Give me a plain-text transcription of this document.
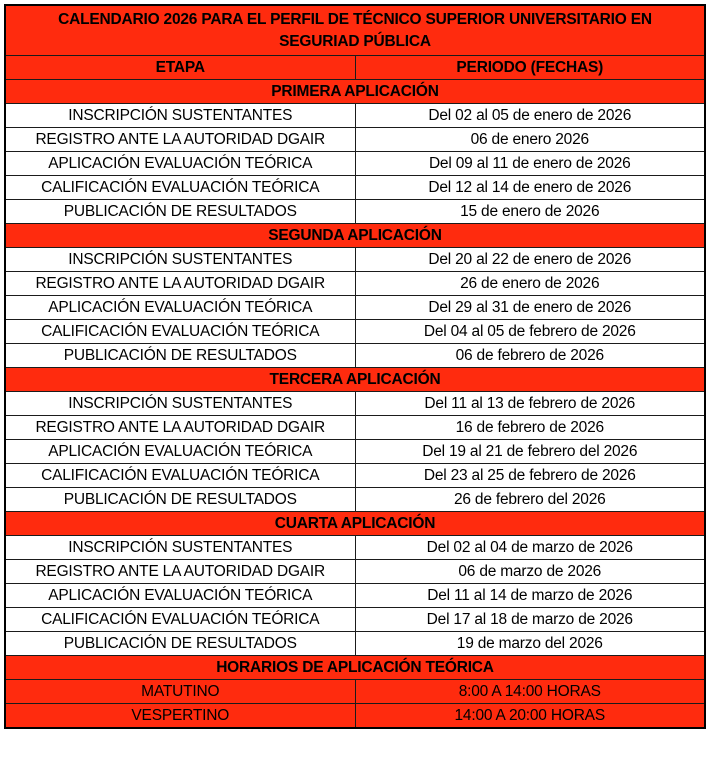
CALENDARIO 2026 PARA EL PERFIL DE TÉCNICO SUPERIOR UNIVERSITARIO EN
SEGURIAD PÚBLICA	

ETAPA	PERIODO (FECHAS)
PRIMERA APLICACIÓN	
INSCRIPCIÓN SUSTENTANTES	Del 02 al 05 de enero de 2026
REGISTRO ANTE LA AUTORIDAD DGAIR	06 de enero 2026
APLICACIÓN EVALUACIÓN TEÓRICA	Del 09 al 11 de enero de 2026
CALIFICACIÓN EVALUACIÓN TEÓRICA	Del 12 al 14 de enero de 2026
PUBLICACIÓN DE RESULTADOS	15 de enero de 2026
SEGUNDA APLICACIÓN	
INSCRIPCIÓN SUSTENTANTES	Del 20 al 22 de enero de 2026
REGISTRO ANTE LA AUTORIDAD DGAIR	26 de enero de 2026
APLICACIÓN EVALUACIÓN TEÓRICA	Del 29 al 31 de enero de 2026
CALIFICACIÓN EVALUACIÓN TEÓRICA	Del 04 al 05 de febrero de 2026
PUBLICACIÓN DE RESULTADOS	06 de febrero de 2026
TERCERA APLICACIÓN	
INSCRIPCIÓN SUSTENTANTES	Del 11 al 13 de febrero de 2026
REGISTRO ANTE LA AUTORIDAD DGAIR	16 de febrero de 2026
APLICACIÓN EVALUACIÓN TEÓRICA	Del 19 al 21 de febrero del 2026
CALIFICACIÓN EVALUACIÓN TEÓRICA	Del 23 al 25 de febrero de 2026
PUBLICACIÓN DE RESULTADOS	26 de febrero del 2026
CUARTA APLICACIÓN	
INSCRIPCIÓN SUSTENTANTES	Del 02 al 04 de marzo de 2026
REGISTRO ANTE LA AUTORIDAD DGAIR	06 de marzo de 2026
APLICACIÓN EVALUACIÓN TEÓRICA	Del 11 al 14 de marzo de 2026
CALIFICACIÓN EVALUACIÓN TEÓRICA	Del 17 al 18 de marzo de 2026
PUBLICACIÓN DE RESULTADOS	19 de marzo del 2026
HORARIOS DE APLICACIÓN TEÓRICA	
MATUTINO	8:00 A 14:00 HORAS
VESPERTINO	14:00 A 20:00 HORAS
